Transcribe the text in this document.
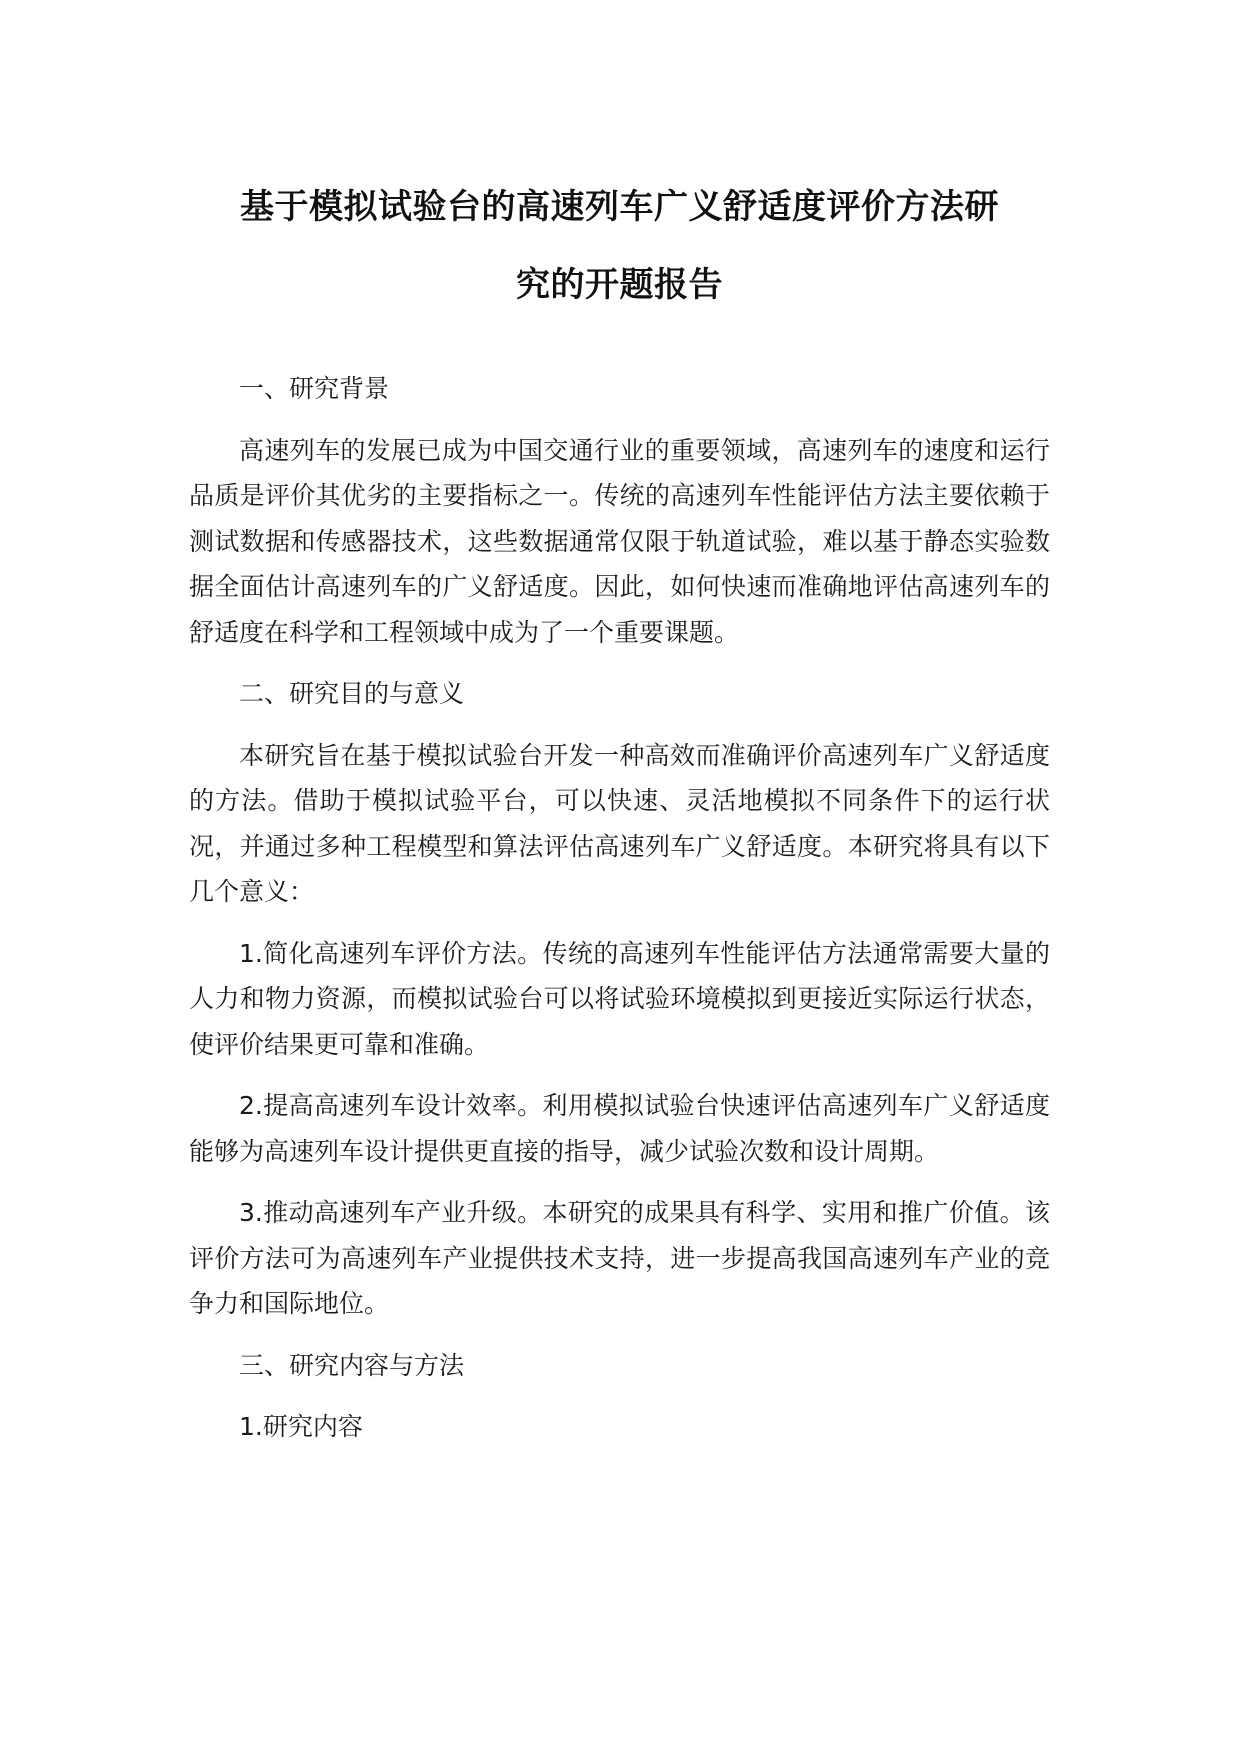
基于模拟试验台的高速列车广义舒适度评价方法研
究的开题报告

一、研究背景

高速列车的发展已成为中国交通行业的重要领域，高速列车的速度和运行品质是评价其优劣的主要指标之一。传统的高速列车性能评估方法主要依赖于测试数据和传感器技术，这些数据通常仅限于轨道试验，难以基于静态实验数据全面估计高速列车的广义舒适度。因此，如何快速而准确地评估高速列车的舒适度在科学和工程领域中成为了一个重要课题。

二、研究目的与意义

本研究旨在基于模拟试验台开发一种高效而准确评价高速列车广义舒适度的方法。借助于模拟试验平台，可以快速、灵活地模拟不同条件下的运行状况，并通过多种工程模型和算法评估高速列车广义舒适度。本研究将具有以下几个意义：

1.简化高速列车评价方法。传统的高速列车性能评估方法通常需要大量的人力和物力资源，而模拟试验台可以将试验环境模拟到更接近实际运行状态，使评价结果更可靠和准确。

2.提高高速列车设计效率。利用模拟试验台快速评估高速列车广义舒适度能够为高速列车设计提供更直接的指导，减少试验次数和设计周期。

3.推动高速列车产业升级。本研究的成果具有科学、实用和推广价值。该评价方法可为高速列车产业提供技术支持，进一步提高我国高速列车产业的竞争力和国际地位。

三、研究内容与方法

1.研究内容
